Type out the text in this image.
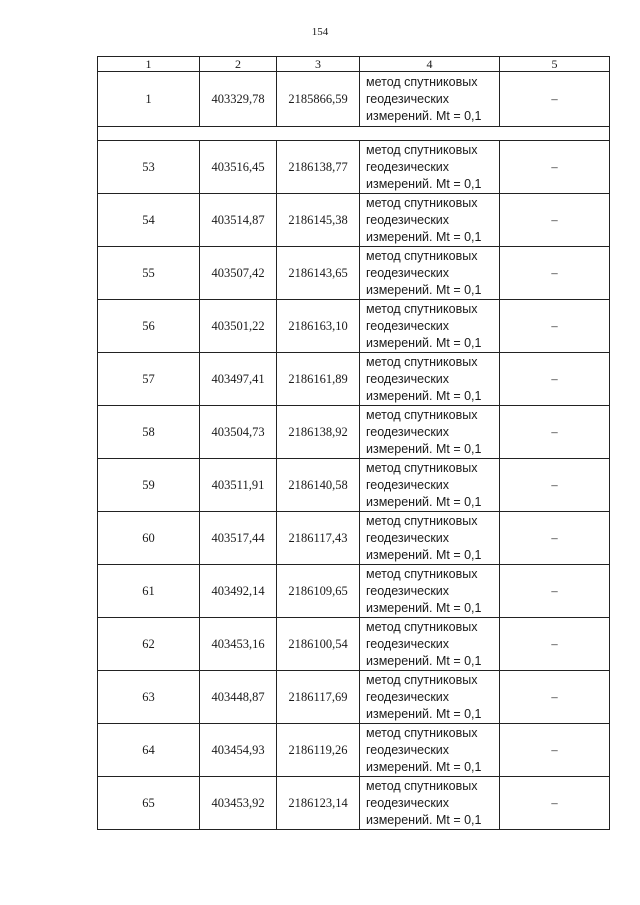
154
1	2	3	4	5
1	403329,78	2185866,59	метод спутниковых
геодезических
измерений. Mt = 0,1	–

53	403516,45	2186138,77	метод спутниковых
геодезических
измерений. Mt = 0,1	–
54	403514,87	2186145,38	метод спутниковых
геодезических
измерений. Mt = 0,1	–
55	403507,42	2186143,65	метод спутниковых
геодезических
измерений. Mt = 0,1	–
56	403501,22	2186163,10	метод спутниковых
геодезических
измерений. Mt = 0,1	–
57	403497,41	2186161,89	метод спутниковых
геодезических
измерений. Mt = 0,1	–
58	403504,73	2186138,92	метод спутниковых
геодезических
измерений. Mt = 0,1	–
59	403511,91	2186140,58	метод спутниковых
геодезических
измерений. Mt = 0,1	–
60	403517,44	2186117,43	метод спутниковых
геодезических
измерений. Mt = 0,1	–
61	403492,14	2186109,65	метод спутниковых
геодезических
измерений. Mt = 0,1	–
62	403453,16	2186100,54	метод спутниковых
геодезических
измерений. Mt = 0,1	–
63	403448,87	2186117,69	метод спутниковых
геодезических
измерений. Mt = 0,1	–
64	403454,93	2186119,26	метод спутниковых
геодезических
измерений. Mt = 0,1	–
65	403453,92	2186123,14	метод спутниковых
геодезических
измерений. Mt = 0,1	–
